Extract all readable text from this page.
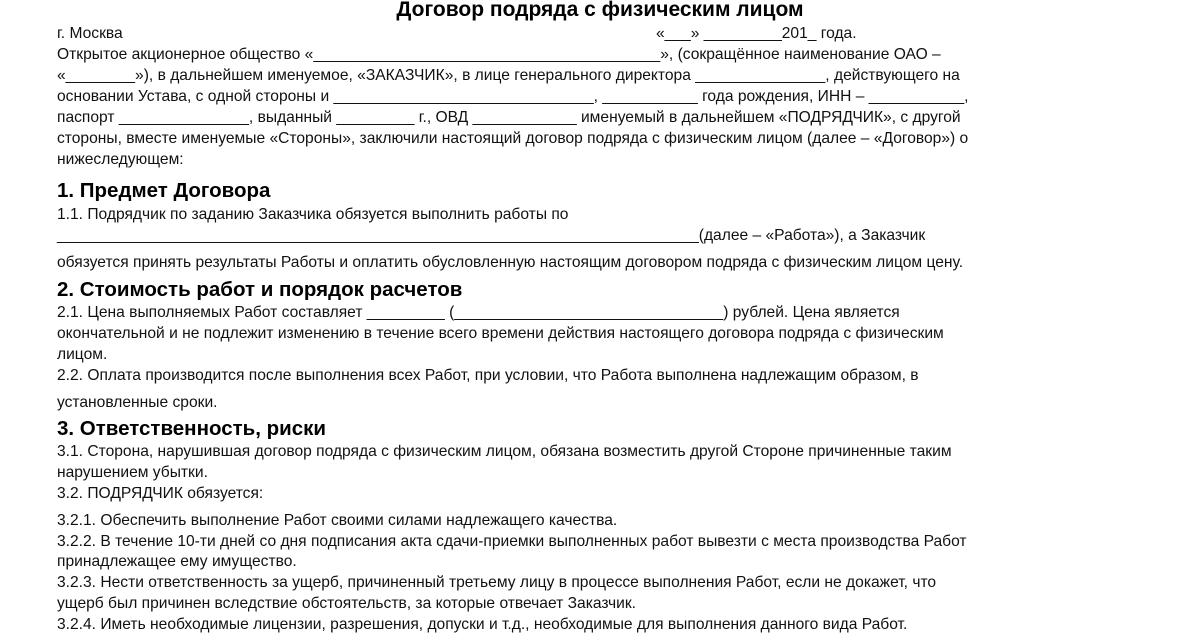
Договор подряда с физическим лицом
г. Москва	«___» _________201_ года.
Открытое акционерное общество «________________________________________», (сокращённое наименование ОАО –
«________»), в дальнейшем именуемое, «ЗАКАЗЧИК», в лице генерального директора _______________, действующего на
основании Устава, с одной стороны и ______________________________, ___________ года рождения, ИНН – ___________,
паспорт _______________, выданный _________ г., ОВД ____________ именуемый в дальнейшем «ПОДРЯДЧИК», с другой
стороны, вместе именуемые «Стороны», заключили настоящий договор подряда с физическим лицом (далее – «Договор») о
нижеследующем:
1. Предмет Договора
1.1. Подрядчик по заданию Заказчика обязуется выполнить работы по
__________________________________________________________________________(далее – «Работа»), а Заказчик
обязуется принять результаты Работы и оплатить обусловленную настоящим договором подряда с физическим лицом цену.
2. Стоимость работ и порядок расчетов
2.1. Цена выполняемых Работ составляет _________ (_______________________________) рублей. Цена является
окончательной и не подлежит изменению в течение всего времени действия настоящего договора подряда с физическим
лицом.
2.2. Оплата производится после выполнения всех Работ, при условии, что Работа выполнена надлежащим образом, в
установленные сроки.
3. Ответственность, риски
3.1. Сторона, нарушившая договор подряда с физическим лицом, обязана возместить другой Стороне причиненные таким
нарушением убытки.
3.2. ПОДРЯДЧИК обязуется:
3.2.1. Обеспечить выполнение Работ своими силами надлежащего качества.
3.2.2. В течение 10-ти дней со дня подписания акта сдачи-приемки выполненных работ вывезти с места производства Работ
принадлежащее ему имущество.
3.2.3. Нести ответственность за ущерб, причиненный третьему лицу в процессе выполнения Работ, если не докажет, что
ущерб был причинен вследствие обстоятельств, за которые отвечает Заказчик.
3.2.4. Иметь необходимые лицензии, разрешения, допуски и т.д., необходимые для выполнения данного вида Работ.
